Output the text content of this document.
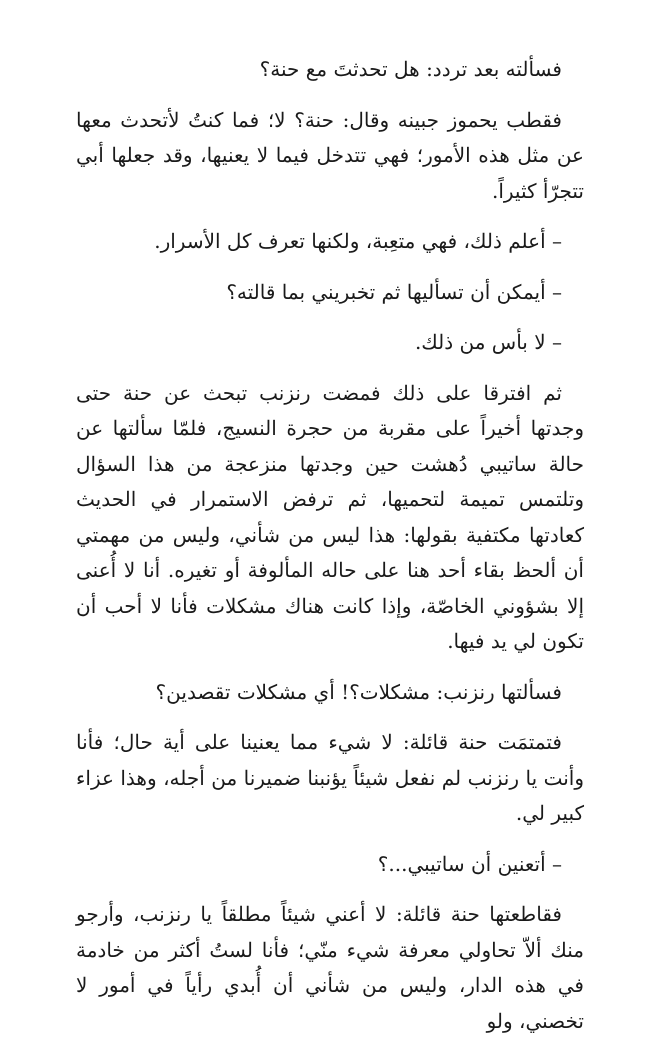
فسألته بعد تردد: هل تحدثتَ مع حنة؟

فقطب يحموز جبينه وقال: حنة؟ لا؛ فما كنتُ لأتحدث معها عن مثل هذه الأمور؛ فهي تتدخل فيما لا يعنيها، وقد جعلها أبي تتجرّأ كثيراً.

– أعلم ذلك، فهي متعِبة، ولكنها تعرف كل الأسرار.

– أيمكن أن تسأليها ثم تخبريني بما قالته؟

– لا بأس من ذلك.

ثم افترقا على ذلك فمضت رنزنب تبحث عن حنة حتى وجدتها أخيراً على مقربة من حجرة النسيج، فلمّا سألتها عن حالة ساتيبي دُهشت حين وجدتها منزعجة من هذا السؤال وتلتمس تميمة لتحميها، ثم ترفض الاستمرار في الحديث كعادتها مكتفية بقولها: هذا ليس من شأني، وليس من مهمتي أن ألحظ بقاء أحد هنا على حاله المألوفة أو تغيره. أنا لا أُعنى إلا بشؤوني الخاصّة، وإذا كانت هناك مشكلات فأنا لا أحب أن تكون لي يد فيها.

فسألتها رنزنب: مشكلات؟! أي مشكلات تقصدين؟

فتمتمَت حنة قائلة: لا شيء مما يعنينا على أية حال؛ فأنا وأنت يا رنزنب لم نفعل شيئاً يؤنبنا ضميرنا من أجله، وهذا عزاء كبير لي.

– أتعنين أن ساتيبي...؟

فقاطعتها حنة قائلة: لا أعني شيئاً مطلقاً يا رنزنب، وأرجو منك ألاّ تحاولي معرفة شيء منّي؛ فأنا لستُ أكثر من خادمة في هذه الدار، وليس من شأني أن أُبدي رأياً في أمور لا تخصني، ولو
